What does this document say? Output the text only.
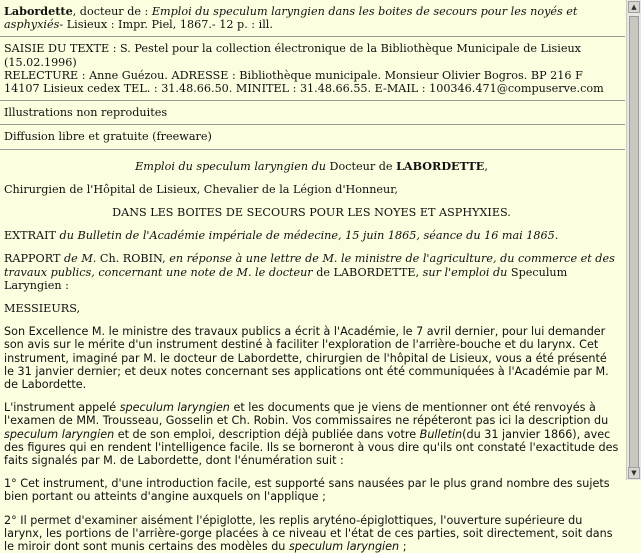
Labordette, docteur de : Emploi du speculum laryngien dans les boites de secours pour les noyés et asphyxiés- Lisieux : Impr. Piel, 1867.- 12 p. : ill.

SAISIE DU TEXTE : S. Pestel pour la collection électronique de la Bibliothèque Municipale de Lisieux (15.02.1996)

RELECTURE : Anne Guézou. ADRESSE : Bibliothèque municipale. Monsieur Olivier Bogros. BP 216 F 14107 Lisieux cedex TEL. : 31.48.66.50. MINITEL : 31.48.66.55. E-MAIL : 100346.471@compuserve.com

Illustrations non reproduites

Diffusion libre et gratuite (freeware)

Emploi du speculum laryngien du Docteur de LABORDETTE,

Chirurgien de l'Hôpital de Lisieux, Chevalier de la Légion d'Honneur,

DANS LES BOITES DE SECOURS POUR LES NOYES ET ASPHYXIES.

EXTRAIT du Bulletin de l'Académie impériale de médecine, 15 juin 1865, séance du 16 mai 1865.

RAPPORT de M. Ch. ROBIN, en réponse à une lettre de M. le ministre de l'agriculture, du commerce et des travaux publics, concernant une note de M. le docteur de LABORDETTE, sur l'emploi du Speculum Laryngien :

MESSIEURS,

Son Excellence M. le ministre des travaux publics a écrit à l'Académie, le 7 avril dernier, pour lui demander son avis sur le mérite d'un instrument destiné à faciliter l'exploration de l'arrière-bouche et du larynx. Cet instrument, imaginé par M. le docteur de Labordette, chirurgien de l'hôpital de Lisieux, vous a été présenté le 31 janvier dernier; et deux notes concernant ses applications ont été communiquées à l'Académie par M. de Labordette.

L'instrument appelé speculum laryngien et les documents que je viens de mentionner ont été renvoyés à l'examen de MM. Trousseau, Gosselin et Ch. Robin. Vos commissaires ne répéteront pas ici la description du speculum laryngien et de son emploi, description déjà publiée dans votre Bulletin(du 31 janvier 1866), avec des figures qui en rendent l'intelligence facile. Ils se borneront à vous dire qu'ils ont constaté l'exactitude des faits signalés par M. de Labordette, dont l'énumération suit :

1° Cet instrument, d'une introduction facile, est supporté sans nausées par le plus grand nombre des sujets bien portant ou atteints d'angine auxquels on l'applique ;

2° Il permet d'examiner aisément l'épiglotte, les replis aryténo-épiglottiques, l'ouverture supérieure du larynx, les portions de l'arrière-gorge placées à ce niveau et l'état de ces parties, soit directement, soit dans le miroir dont sont munis certains des modèles du speculum laryngien ;

▲
▼
